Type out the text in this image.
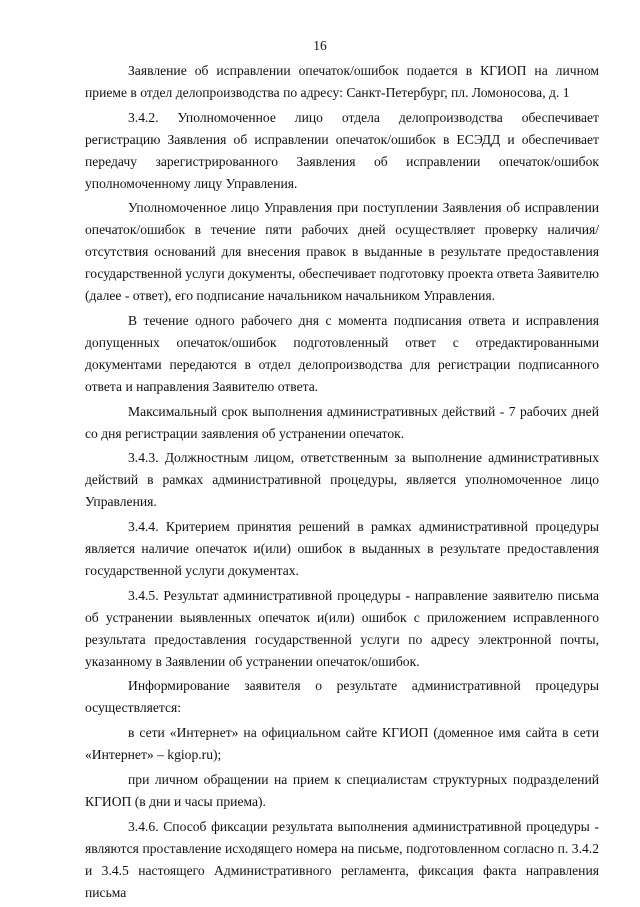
16

Заявление об исправлении опечаток/ошибок подается в КГИОП на личном приеме в отдел делопроизводства по адресу: Санкт-Петербург, пл. Ломоносова, д. 1

3.4.2. Уполномоченное лицо отдела делопроизводства обеспечивает регистрацию Заявления об исправлении опечаток/ошибок в ЕСЭДД и обеспечивает передачу зарегистрированного Заявления об исправлении опечаток/ошибок уполномоченному лицу Управления.

Уполномоченное лицо Управления при поступлении Заявления об исправлении опечаток/ошибок в течение пяти рабочих дней осуществляет проверку наличия/отсутствия оснований для внесения правок в выданные в результате предоставления государственной услуги документы, обеспечивает подготовку проекта ответа Заявителю (далее - ответ), его подписание начальником начальником Управления.

В течение одного рабочего дня с момента подписания ответа и исправления допущенных опечаток/ошибок подготовленный ответ с отредактированными документами передаются в отдел делопроизводства для регистрации подписанного ответа и направления Заявителю ответа.

Максимальный срок выполнения административных действий - 7 рабочих дней со дня регистрации заявления об устранении опечаток.

3.4.3. Должностным лицом, ответственным за выполнение административных действий в рамках административной процедуры, является уполномоченное лицо Управления.

3.4.4. Критерием принятия решений в рамках административной процедуры является наличие опечаток и(или) ошибок в выданных в результате предоставления государственной услуги документах.

3.4.5. Результат административной процедуры - направление заявителю письма об устранении выявленных опечаток и(или) ошибок с приложением исправленного результата предоставления государственной услуги по адресу электронной почты, указанному в Заявлении об устранении опечаток/ошибок.

Информирование заявителя о результате административной процедуры осуществляется:

в сети «Интернет» на официальном сайте КГИОП (доменное имя сайта в сети «Интернет» – kgiop.ru);

при личном обращении на прием к специалистам структурных подразделений КГИОП (в дни и часы приема).

3.4.6. Способ фиксации результата выполнения административной процедуры - являются проставление исходящего номера на письме, подготовленном согласно п. 3.4.2 и 3.4.5 настоящего Административного регламента, фиксация факта направления письма
